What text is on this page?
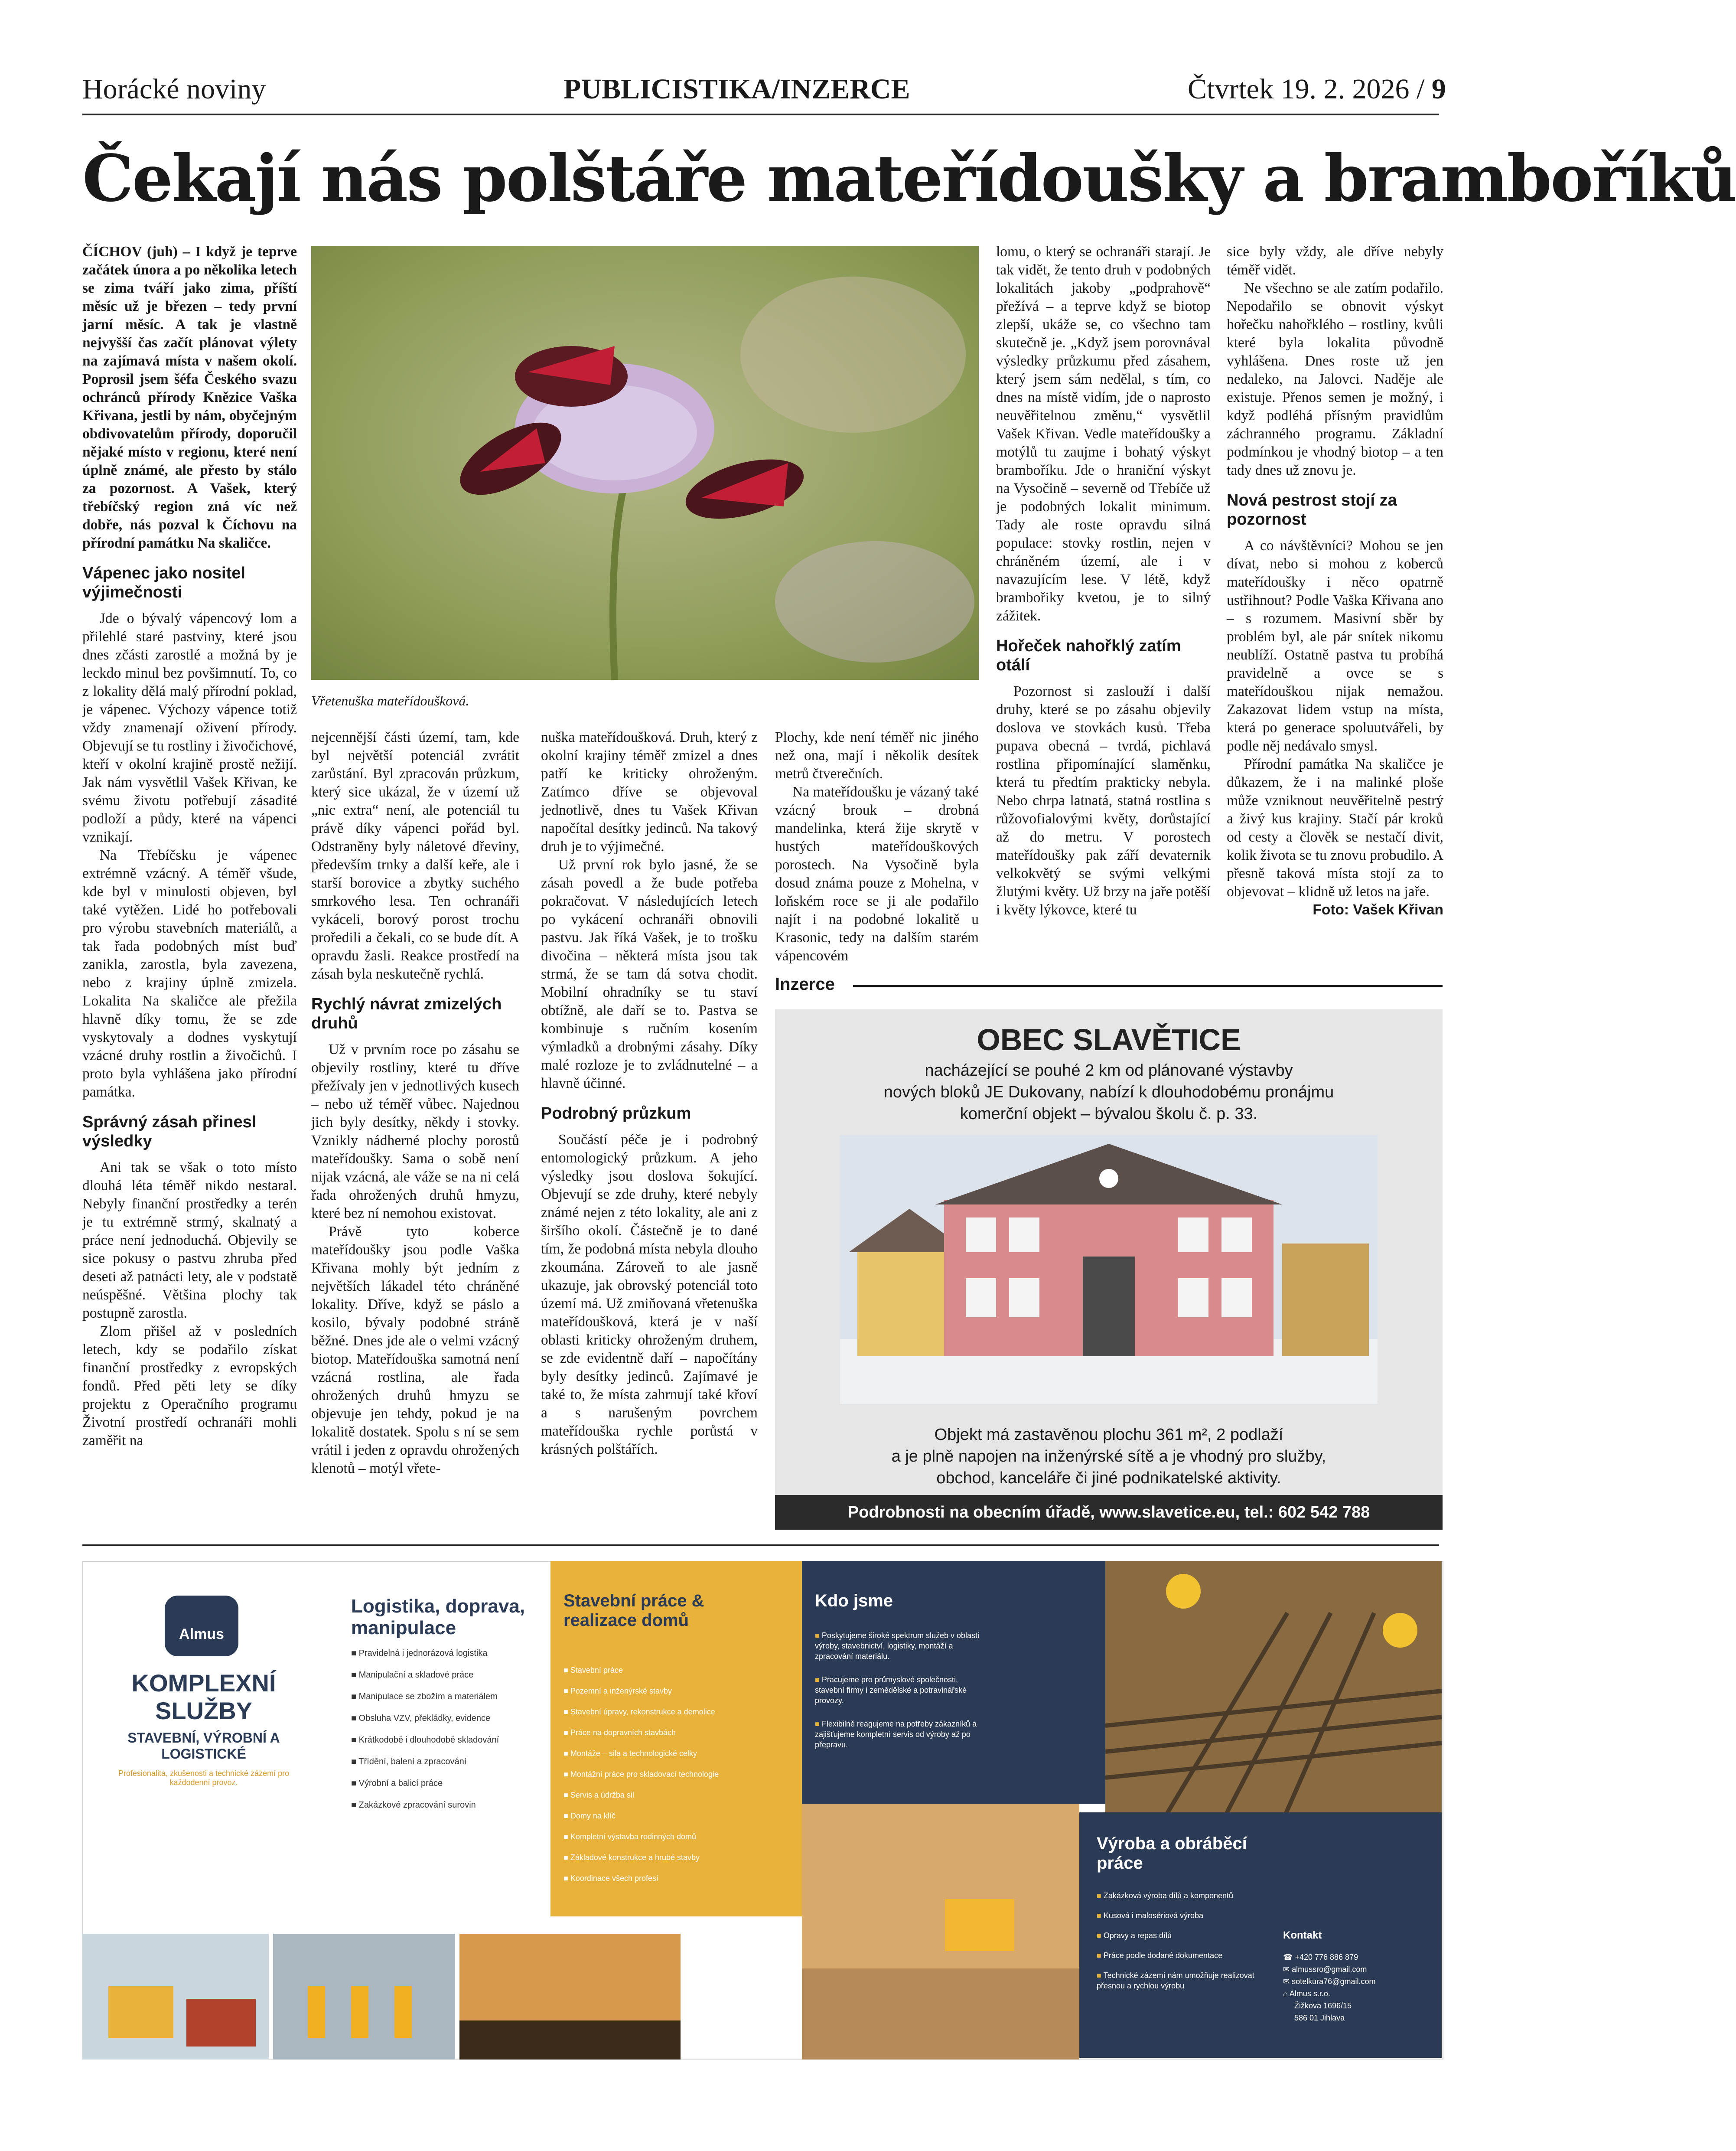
Horácké noviny	PUBLICISTIKA/INZERCE	Čtvrtek 19. 2. 2026 / 9
Čekají nás polštáře mateřídoušky a bramboříků

ČÍCHOV (juh) – I když je teprve začátek února a po několika letech se zima tváří jako zima, příští měsíc už je březen – tedy první jarní měsíc. A tak je vlastně nejvyšší čas začít plánovat výlety na zajímavá místa v našem okolí. Poprosil jsem šéfa Českého svazu ochránců přírody Knězice Vaška Křivana, jestli by nám, obyčejným obdivovatelům přírody, doporučil nějaké místo v regionu, které není úplně známé, ale přesto by stálo za pozornost. A Vašek, který třebíčský region zná víc než dobře, nás pozval k Číchovu na přírodní památku Na skaličce.

Vápenec jako nositel výjimečnosti

Jde o bývalý vápencový lom a přilehlé staré pastviny, které jsou dnes zčásti zarostlé a možná by je leckdo minul bez povšimnutí. To, co z lokality dělá malý přírodní poklad, je vápenec. Výchozy vápence totiž vždy znamenají oživení přírody. Objevují se tu rostliny i živočichové, kteří v okolní krajině prostě nežijí. Jak nám vysvětlil Vašek Křivan, ke svému životu potřebují zásadité podloží a půdy, které na vápenci vznikají.

Na Třebíčsku je vápenec extrémně vzácný. A téměř všude, kde byl v minulosti objeven, byl také vytěžen. Lidé ho potřebovali pro výrobu stavebních materiálů, a tak řada podobných míst buď zanikla, zarostla, byla zavezena, nebo z krajiny úplně zmizela. Lokalita Na skaličce ale přežila hlavně díky tomu, že se zde vyskytovaly a dodnes vyskytují vzácné druhy rostlin a živočichů. I proto byla vyhlášena jako přírodní památka.

Správný zásah přinesl výsledky

Ani tak se však o toto místo dlouhá léta téměř nikdo nestaral. Nebyly finanční prostředky a terén je tu extrémně strmý, skalnatý a práce není jednoduchá. Objevily se sice pokusy o pastvu zhruba před deseti až patnácti lety, ale v podstatě neúspěšné. Většina plochy tak postupně zarostla.

Zlom přišel až v posledních letech, kdy se podařilo získat finanční prostředky z evropských fondů. Před pěti lety se díky projektu z Operačního programu Životní prostředí ochranáři mohli zaměřit na

Vřetenuška mateřídoušková.

nejcennější části území, tam, kde byl největší potenciál zvrátit zarůstání. Byl zpracován průzkum, který sice ukázal, že v území už „nic extra“ není, ale potenciál tu právě díky vápenci pořád byl. Odstraněny byly náletové dřeviny, především trnky a další keře, ale i starší borovice a zbytky suchého smrkového lesa. Ten ochranáři vykáceli, borový porost trochu proředili a čekali, co se bude dít. A opravdu žasli. Reakce prostředí na zásah byla neskutečně rychlá.

Rychlý návrat zmizelých druhů

Už v prvním roce po zásahu se objevily rostliny, které tu dříve přežívaly jen v jednotlivých kusech – nebo už téměř vůbec. Najednou jich byly desítky, někdy i stovky. Vznikly nádherné plochy porostů mateřídoušky. Sama o sobě není nijak vzácná, ale váže se na ni celá řada ohrožených druhů hmyzu, které bez ní nemohou existovat.

Právě tyto koberce mateřídoušky jsou podle Vaška Křivana mohly být jedním z největších lákadel této chráněné lokality. Dříve, když se páslo a kosilo, bývaly podobné stráně běžné. Dnes jde ale o velmi vzácný biotop. Mateřídouška samotná není vzácná rostlina, ale řada ohrožených druhů hmyzu se objevuje jen tehdy, pokud je na lokalitě dostatek. Spolu s ní se sem vrátil i jeden z opravdu ohrožených klenotů – motýl vřete-

nuška mateřídoušková. Druh, který z okolní krajiny téměř zmizel a dnes patří ke kriticky ohroženým. Zatímco dříve se objevoval jednotlivě, dnes tu Vašek Křivan napočítal desítky jedinců. Na takový druh je to výjimečné.

Už první rok bylo jasné, že se zásah povedl a že bude potřeba pokračovat. V následujících letech po vykácení ochranáři obnovili pastvu. Jak říká Vašek, je to trošku divočina – některá místa jsou tak strmá, že se tam dá sotva chodit. Mobilní ohradníky se tu staví obtížně, ale daří se to. Pastva se kombinuje s ručním kosením výmladků a drobnými zásahy. Díky malé rozloze je to zvládnutelné – a hlavně účinné.

Podrobný průzkum

Součástí péče je i podrobný entomologický průzkum. A jeho výsledky jsou doslova šokující. Objevují se zde druhy, které nebyly známé nejen z této lokality, ale ani z širšího okolí. Částečně je to dané tím, že podobná místa nebyla dlouho zkoumána. Zároveň to ale jasně ukazuje, jak obrovský potenciál toto území má. Už zmiňovaná vřetenuška mateřídoušková, která je v naší oblasti kriticky ohroženým druhem, se zde evidentně daří – napočítány byly desítky jedinců. Zajímavé je také to, že místa zahrnují také křoví a s narušeným povrchem mateřídouška rychle porůstá v krásných polštářích.

Plochy, kde není téměř nic jiného než ona, mají i několik desítek metrů čtverečních.

Na mateřídoušku je vázaný také vzácný brouk – drobná mandelinka, která žije skrytě v hustých mateřídouškových porostech. Na Vysočině byla dosud známa pouze z Mohelna, v loňském roce se ji ale podařilo najít i na podobné lokalitě u Krasonic, tedy na dalším starém vápencovém

lomu, o který se ochranáři starají. Je tak vidět, že tento druh v podobných lokalitách jakoby „podprahově“ přežívá – a teprve když se biotop zlepší, ukáže se, co všechno tam skutečně je. „Když jsem porovnával výsledky průzkumu před zásahem, který jsem sám nedělal, s tím, co dnes na místě vidím, jde o naprosto neuvěřitelnou změnu,“ vysvětlil Vašek Křivan. Vedle mateřídoušky a motýlů tu zaujme i bohatý výskyt bramboříku. Jde o hraniční výskyt na Vysočině – severně od Třebíče už je podobných lokalit minimum. Tady ale roste opravdu silná populace: stovky rostlin, nejen v chráněném území, ale i v navazujícím lese. V létě, když brambořiky kvetou, je to silný zážitek.

Hořeček nahořklý zatím otálí

Pozornost si zaslouží i další druhy, které se po zásahu objevily doslova ve stovkách kusů. Třeba pupava obecná – tvrdá, pichlavá rostlina připomínající slaměnku, která tu předtím prakticky nebyla. Nebo chrpa latnatá, statná rostlina s růžovofialovými květy, dorůstající až do metru. V porostech mateřídoušky pak září devaternik velkokvětý se svými velkými žlutými květy. Už brzy na jaře potěší i květy lýkovce, které tu

sice byly vždy, ale dříve nebyly téměř vidět.

Ne všechno se ale zatím podařilo. Nepodařilo se obnovit výskyt hořečku nahořklého – rostliny, kvůli které byla lokalita původně vyhlášena. Dnes roste už jen nedaleko, na Jalovci. Naděje ale existuje. Přenos semen je možný, i když podléhá přísným pravidlům záchranného programu. Základní podmínkou je vhodný biotop – a ten tady dnes už znovu je.

Nová pestrost stojí za pozornost

A co návštěvníci? Mohou se jen dívat, nebo si mohou z koberců mateřídoušky i něco opatrně ustřihnout? Podle Vaška Křivana ano – s rozumem. Masivní sběr by problém byl, ale pár snítek nikomu neublíží. Ostatně pastva tu probíhá pravidelně a ovce se s mateřídouškou nijak nemažou. Zakazovat lidem vstup na místa, která po generace spoluutvářeli, by podle něj nedávalo smysl.

Přírodní památka Na skaličce je důkazem, že i na malinké ploše může vzniknout neuvěřitelně pestrý a živý kus krajiny. Stačí pár kroků od cesty a člověk se nestačí divit, kolik života se tu znovu probudilo. A přesně taková místa stojí za to objevovat – klidně už letos na jaře.

Foto: Vašek Křivan
Inzerce
OBEC SLAVĚTICE
nacházející se pouhé 2 km od plánované výstavby
nových bloků JE Dukovany, nabízí k dlouhodobému pronájmu
komerční objekt – bývalou školu č. p. 33.
Objekt má zastavěnou plochu 361 m², 2 podlaží
a je plně napojen na inženýrské sítě a je vhodný pro služby,
obchod, kanceláře či jiné podnikatelské aktivity.
Podrobnosti na obecním úřadě, www.slavetice.eu, tel.: 602 542 788
Almus
KOMPLEXNÍ SLUŽBY
STAVEBNÍ, VÝROBNÍ A LOGISTICKÉ
Profesionalita, zkušenosti a technické zázemí pro každodenní provoz.
Logistika, doprava, manipulace
■ Pravidelná i jednorázová logistika
■ Manipulační a skladové práce
■ Manipulace se zbožím a materiálem
■ Obsluha VZV, překládky, evidence
■ Krátkodobé i dlouhodobé skladování
■ Třídění, balení a zpracování
■ Výrobní a balicí práce
■ Zakázkové zpracování surovin
Stavební práce & realizace domů
■ Stavební práce
■ Pozemní a inženýrské stavby
■ Stavební úpravy, rekonstrukce a demolice
■ Práce na dopravních stavbách
■ Montáže – sila a technologické celky
■ Montážní práce pro skladovací technologie
■ Servis a údržba sil
■ Domy na klíč
■ Kompletní výstavba rodinných domů
■ Základové konstrukce a hrubé stavby
■ Koordinace všech profesí
Kdo jsme
■ Poskytujeme široké spektrum služeb v oblasti výroby, stavebnictví, logistiky, montáží a zpracování materiálu.
■ Pracujeme pro průmyslové společnosti, stavební firmy i zemědělské a potravinářské provozy.
■ Flexibilně reagujeme na potřeby zákazníků a zajišťujeme kompletní servis od výroby až po přepravu.
Výroba a obráběcí práce
■ Zakázková výroba dílů a komponentů
■ Kusová i malosériová výroba
■ Opravy a repas dílů
■ Práce podle dodané dokumentace
■ Technické zázemí nám umožňuje realizovat přesnou a rychlou výrobu
Kontakt
☎ +420 776 886 879
✉ almussro@gmail.com
✉ sotelkura76@gmail.com
⌂ Almus s.r.o.
Žižkova 1696/15
586 01 Jihlava
